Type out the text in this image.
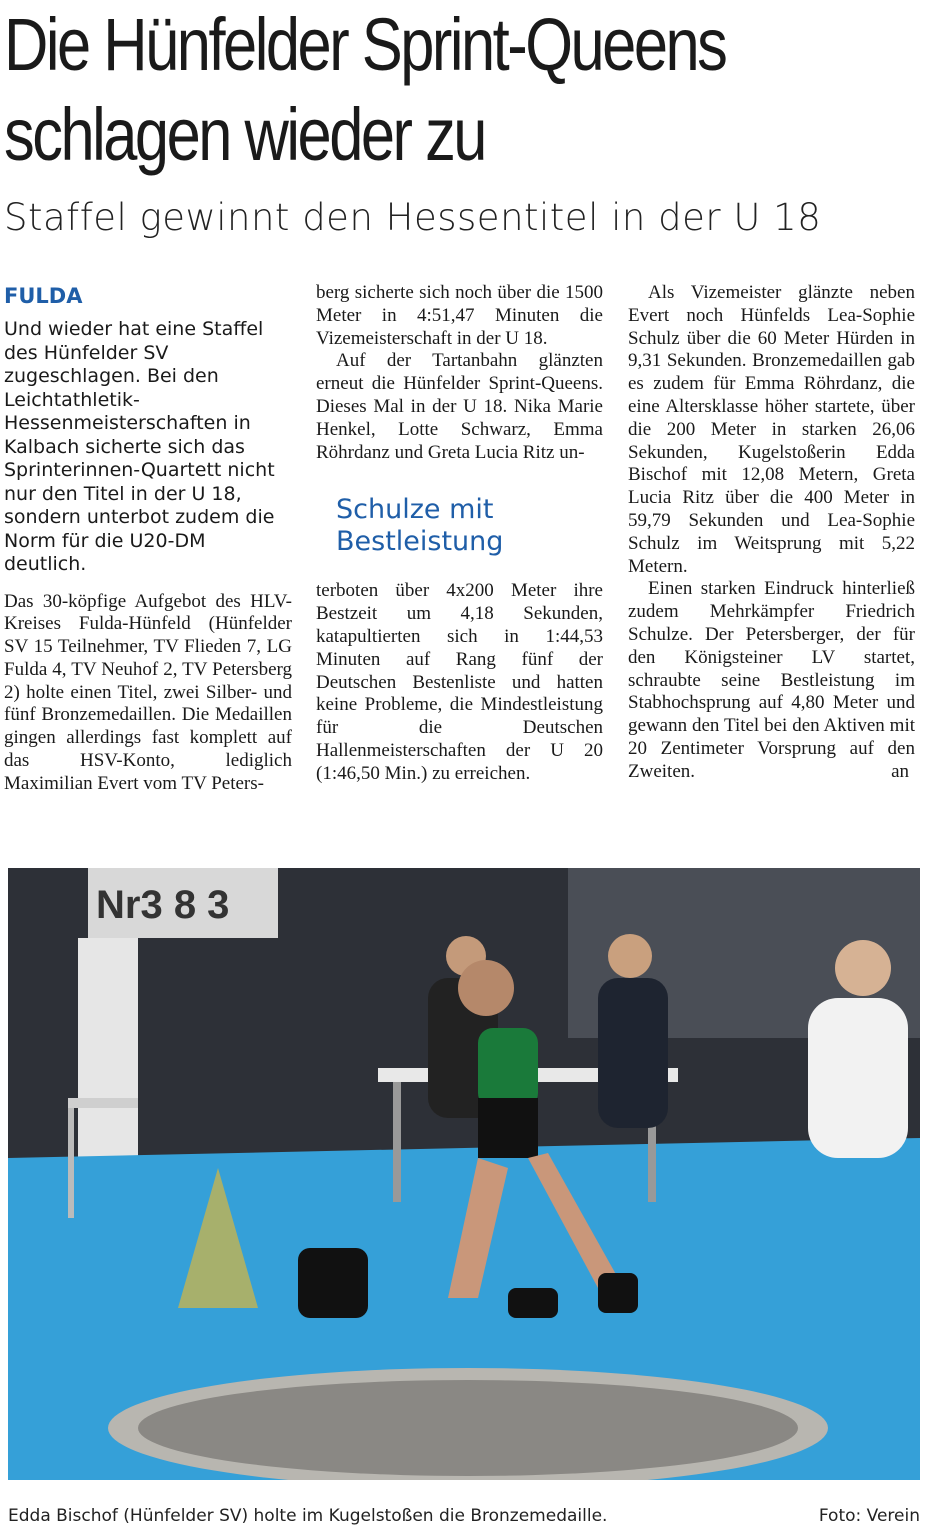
Die Hünfelder Sprint-Queens
schlagen wieder zu
Staffel gewinnt den Hessentitel in der U 18

FULDA

Und wieder hat eine Staffel des Hünfelder SV zugeschlagen. Bei den Leichtathletik-Hessenmeisterschaften in Kalbach sicherte sich das Sprinterinnen-Quartett nicht nur den Titel in der U 18, sondern unterbot zudem die Norm für die U20-DM deutlich.

Das 30-köpfige Aufgebot des HLV-Kreises Fulda-Hünfeld (Hünfelder SV 15 Teilnehmer, TV Flieden 7, LG Fulda 4, TV Neuhof 2, TV Petersberg 2) holte einen Titel, zwei Silber- und fünf Bronzemedaillen. Die Medaillen gingen allerdings fast komplett auf das HSV-Konto, lediglich Maximilian Evert vom TV Peters-

berg sicherte sich noch über die 1500 Meter in 4:51,47 Minuten die Vizemeisterschaft in der U 18.

Auf der Tartanbahn glänzten erneut die Hünfelder Sprint-Queens. Dieses Mal in der U 18. Nika Marie Henkel, Lotte Schwarz, Emma Röhrdanz und Greta Lucia Ritz un-

Schulze mit
Bestleistung

terboten über 4x200 Meter ihre Bestzeit um 4,18 Sekunden, katapultierten sich in 1:44,53 Minuten auf Rang fünf der Deutschen Bestenliste und hatten keine Probleme, die Mindestleistung für die Deutschen Hallenmeisterschaften der U 20 (1:46,50 Min.) zu erreichen.

Als Vizemeister glänzte neben Evert noch Hünfelds Lea-Sophie Schulz über die 60 Meter Hürden in 9,31 Sekunden. Bronzemedaillen gab es zudem für Emma Röhrdanz, die eine Altersklasse höher startete, über die 200 Meter in starken 26,06 Sekunden, Kugelstoßerin Edda Bischof mit 12,08 Metern, Greta Lucia Ritz über die 400 Meter in 59,79 Sekunden und Lea-Sophie Schulz im Weitsprung mit 5,22 Metern.

Einen starken Eindruck hinterließ zudem Mehrkämpfer Friedrich Schulze. Der Petersberger, der für den Königsteiner LV startet, schraubte seine Bestleistung im Stabhochsprung auf 4,80 Meter und gewann den Titel bei den Aktiven mit 20 Zentimeter Vorsprung auf den Zweiten.	an

Nr3 8 3
Edda Bischof (Hünfelder SV) holte im Kugelstoßen die Bronzemedaille.	Foto: Verein
